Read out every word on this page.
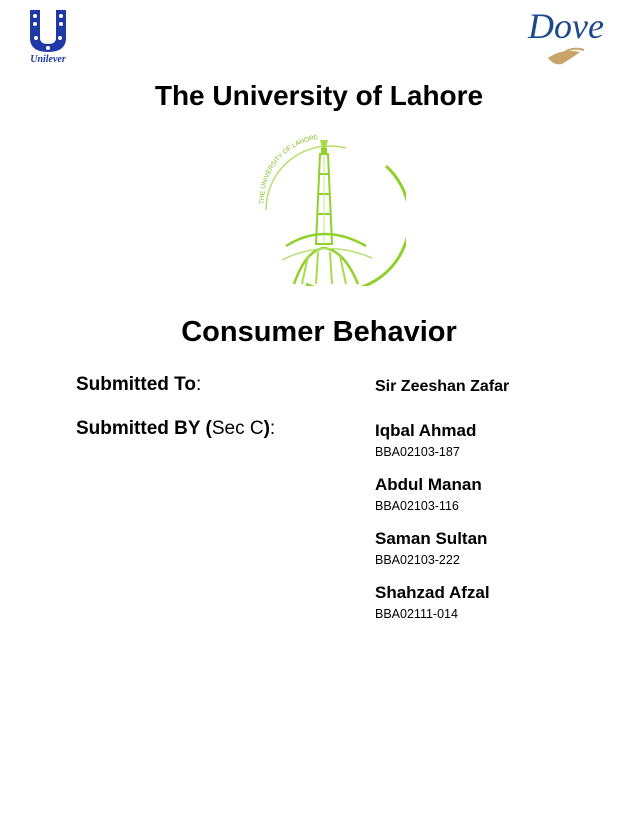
Unilever
Dove
The University of Lahore
THE UNIVERSITY OF LAHORE
Consumer Behavior
Submitted To:	Sir Zeeshan Zafar
Submitted BY (Sec C):	Iqbal Ahmad
BBA02103-187
Abdul Manan
BBA02103-116
Saman Sultan
BBA02103-222
Shahzad Afzal
BBA02111-014
